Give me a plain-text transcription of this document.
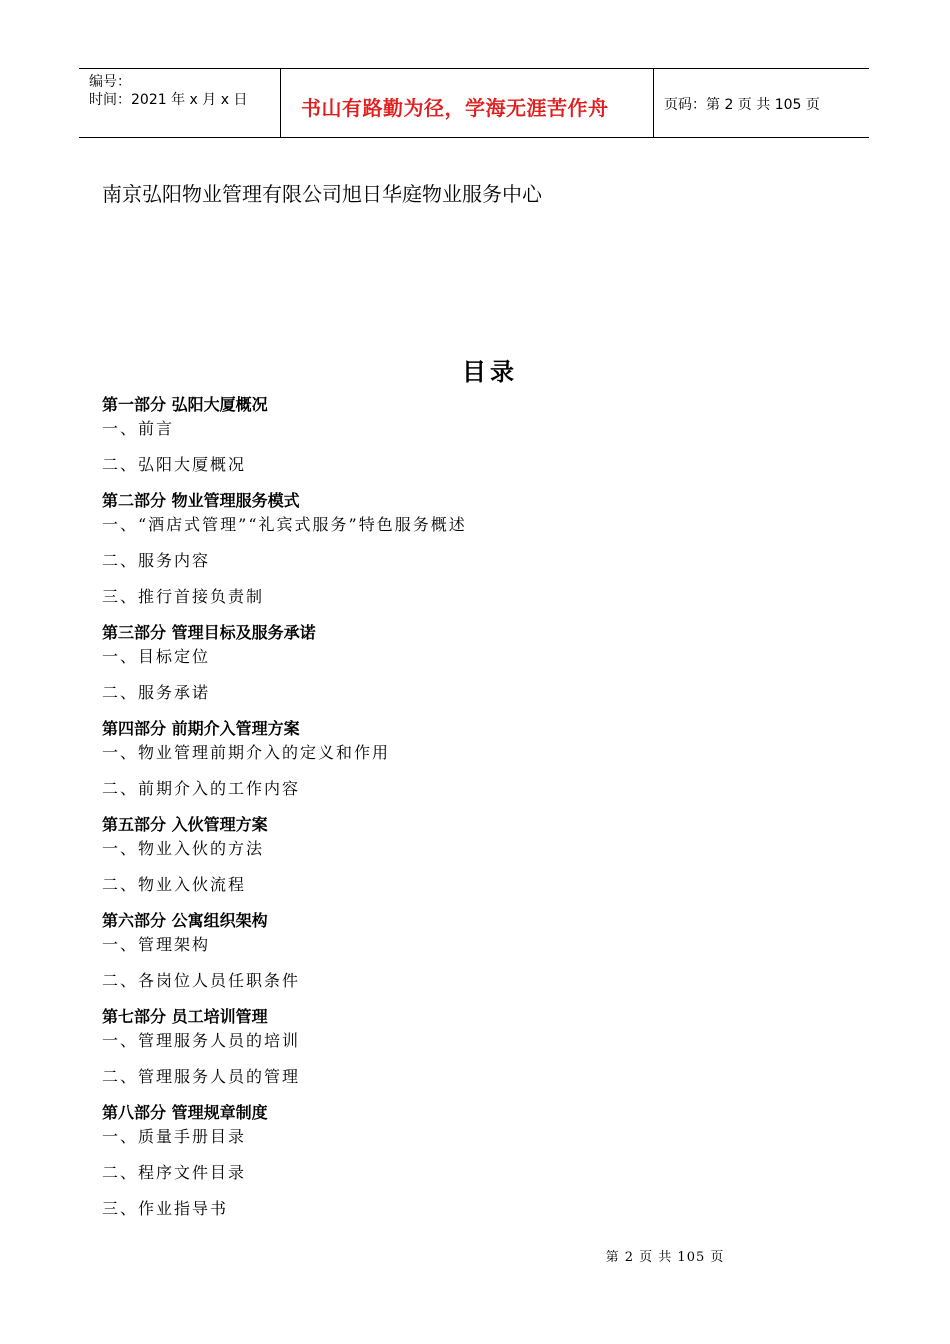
编号：
时间：2021 年 x 月 x 日	书山有路勤为径，学海无涯苦作舟	页码：第 2 页 共 105 页
南京弘阳物业管理有限公司旭日华庭物业服务中心
目录
第一部分 弘阳大厦概况
一、前言
二、弘阳大厦概况
第二部分 物业管理服务模式
一、“酒店式管理”“礼宾式服务”特色服务概述
二、服务内容
三、推行首接负责制
第三部分 管理目标及服务承诺
一、目标定位
二、服务承诺
第四部分 前期介入管理方案
一、物业管理前期介入的定义和作用
二、前期介入的工作内容
第五部分 入伙管理方案
一、物业入伙的方法
二、物业入伙流程
第六部分 公寓组织架构
一、管理架构
二、各岗位人员任职条件
第七部分 员工培训管理
一、管理服务人员的培训
二、管理服务人员的管理
第八部分 管理规章制度
一、质量手册目录
二、程序文件目录
三、作业指导书
第 2 页 共 105 页
